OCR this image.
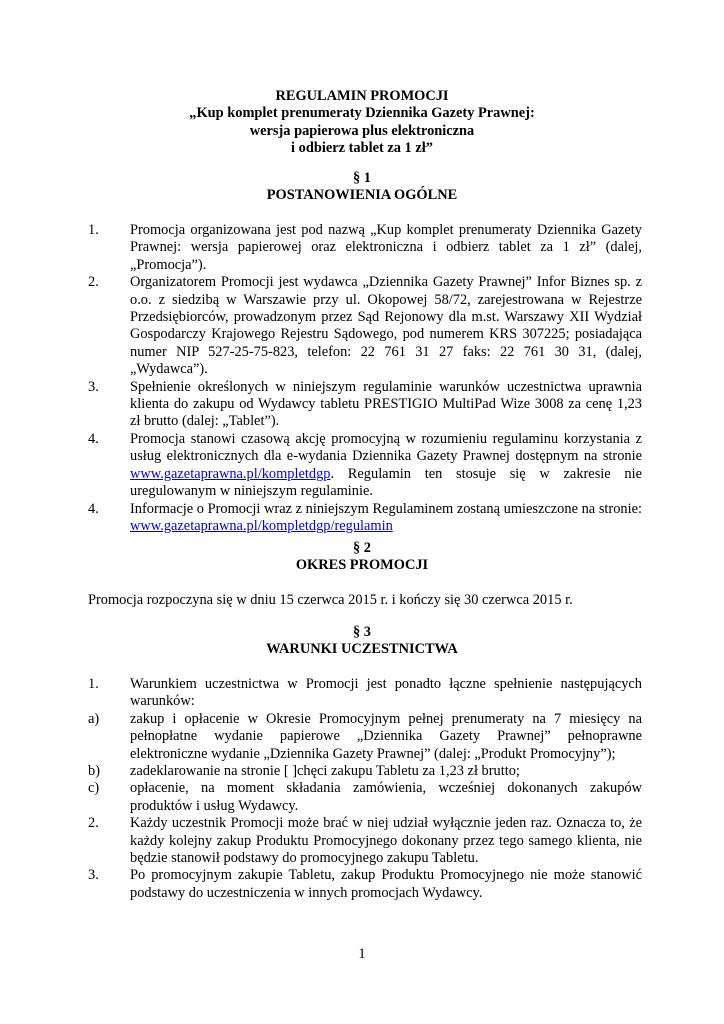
REGULAMIN PROMOCJI

„Kup komplet prenumeraty Dziennika Gazety Prawnej:

wersja papierowa plus elektroniczna

i odbierz tablet za 1 zł”

§ 1

POSTANOWIENIA OGÓLNE

1.	Promocja organizowana jest pod nazwą „Kup komplet prenumeraty Dziennika Gazety Prawnej: wersja papierowej oraz elektroniczna i odbierz tablet za 1 zł” (dalej, „Promocja”).
2.	Organizatorem Promocji jest wydawca „Dziennika Gazety Prawnej” Infor Biznes sp. z o.o. z siedzibą w Warszawie przy ul. Okopowej 58/72, zarejestrowana w Rejestrze Przedsiębiorców, prowadzonym przez Sąd Rejonowy dla m.st. Warszawy XII Wydział Gospodarczy Krajowego Rejestru Sądowego, pod numerem KRS 307225; posiadająca numer NIP 527-25-75-823, telefon: 22 761 31 27 faks: 22 761 30 31, (dalej, „Wydawca”).
3.	Spełnienie określonych w niniejszym regulaminie warunków uczestnictwa uprawnia klienta do zakupu od Wydawcy tabletu PRESTIGIO MultiPad Wize 3008 za cenę 1,23 zł brutto (dalej: „Tablet”).
4.	Promocja stanowi czasową akcję promocyjną w rozumieniu regulaminu korzystania z usług elektronicznych dla e-wydania Dziennika Gazety Prawnej dostępnym na stronie www.gazetaprawna.pl/kompletdgp. Regulamin ten stosuje się w zakresie nie uregulowanym w niniejszym regulaminie.
4.	Informacje o Promocji wraz z niniejszym Regulaminem zostaną umieszczone na stronie: www.gazetaprawna.pl/kompletdgp/regulamin

§ 2

OKRES PROMOCJI

Promocja rozpoczyna się w dniu 15 czerwca 2015 r. i kończy się 30 czerwca 2015 r.

§ 3

WARUNKI UCZESTNICTWA

1.	Warunkiem uczestnictwa w Promocji jest ponadto łączne spełnienie następujących warunków:
a)	zakup i opłacenie w Okresie Promocyjnym pełnej prenumeraty na 7 miesięcy na pełnopłatne wydanie papierowe „Dziennika Gazety Prawnej” pełnoprawne elektroniczne wydanie „Dziennika Gazety Prawnej” (dalej: „Produkt Promocyjny”);
b)	zadeklarowanie na stronie [ ]chęci zakupu Tabletu za 1,23 zł brutto;
c)	opłacenie, na moment składania zamówienia, wcześniej dokonanych zakupów produktów i usług Wydawcy.
2.	Każdy uczestnik Promocji może brać w niej udział wyłącznie jeden raz. Oznacza to, że każdy kolejny zakup Produktu Promocyjnego dokonany przez tego samego klienta, nie będzie stanowił podstawy do promocyjnego zakupu Tabletu.
3.	Po promocyjnym zakupie Tabletu, zakup Produktu Promocyjnego nie może stanowić podstawy do uczestniczenia w innych promocjach Wydawcy.
1
